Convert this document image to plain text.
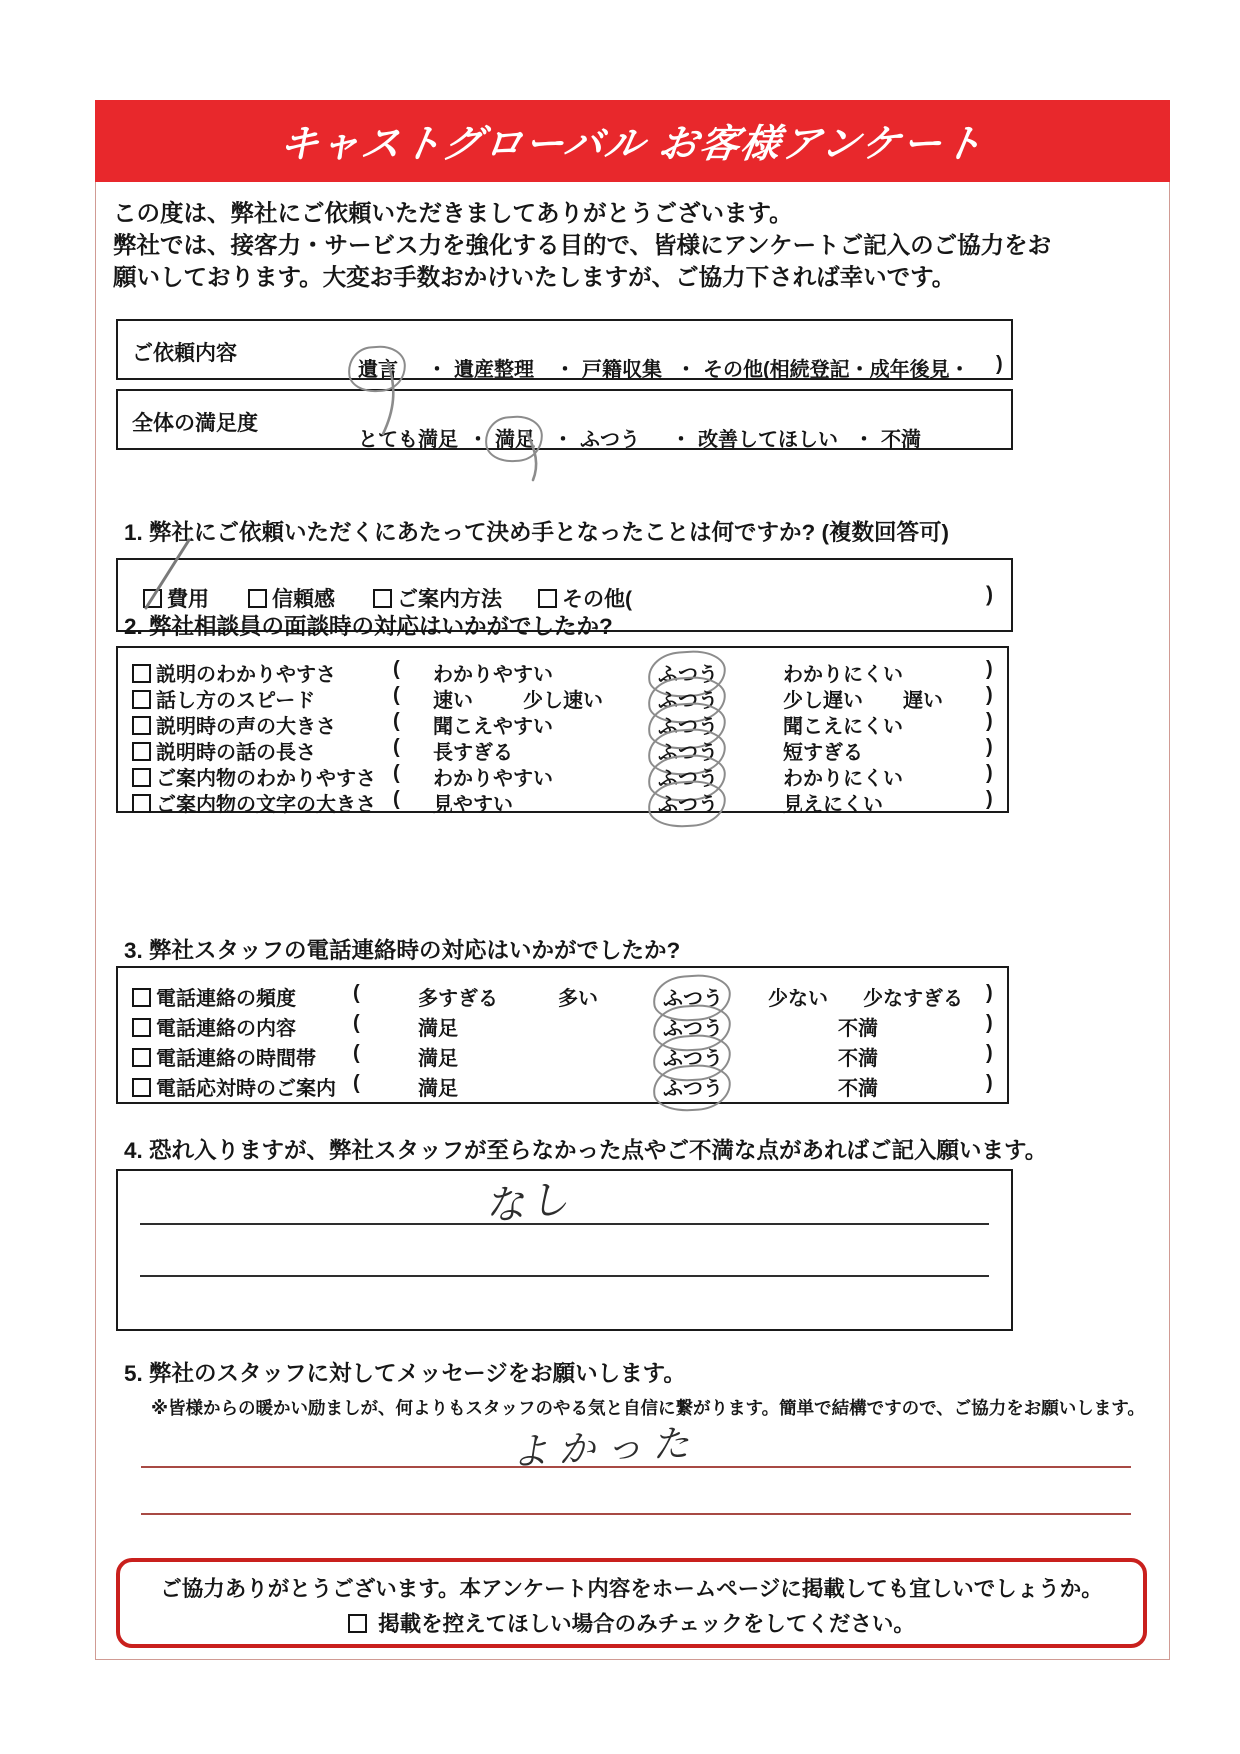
キャストグローバル お客様アンケート
この度は、弊社にご依頼いただきましてありがとうございます。
弊社では、接客力・サービス力を強化する目的で、皆様にアンケートご記入のご協力をお
願いしております。大変お手数おかけいたしますが、ご協力下されば幸いです。
ご依頼内容
遺言 ・ 遺産整理 ・ 戸籍収集 ・ その他(相続登記・成年後見・ )
全体の満足度
とても満足 ・ 満足 ・ ふつう ・ 改善してほしい ・ 不満
1. 弊社にご依頼いただくにあたって決め手となったことは何ですか? (複数回答可)
費用	信頼感	ご案内方法	その他(	)
2. 弊社相談員の面談時の対応はいかがでしたか?
説明のわかりやすさ	( わかりやすい	ふつう	わかりにくい	)
話し方のスピード	( 速い	少し速い	ふつう	少し遅い 遅い )
説明時の声の大きさ	( 聞こえやすい	ふつう	聞こえにくい	)
説明時の話の長さ	( 長すぎる	ふつう	短すぎる	)
ご案内物のわかりやすさ ( わかりやすい	ふつう	わかりにくい	)
ご案内物の文字の大きさ ( 見やすい	ふつう	見えにくい	)
3. 弊社スタッフの電話連絡時の対応はいかがでしたか?
電話連絡の頻度	(	多すぎる	多い	ふつう 少ない 少なすぎる )
電話連絡の内容	(	満足	ふつう	不満	)
電話連絡の時間帯 (	満足	ふつう	不満	)
電話応対時のご案内 (	満足	ふつう	不満	)
4. 恐れ入りますが、弊社スタッフが至らなかった点やご不満な点があればご記入願います。
なし
5. 弊社のスタッフに対してメッセージをお願いします。
※皆様からの暖かい励ましが、何よりもスタッフのやる気と自信に繋がります。簡単で結構ですので、ご協力をお願いします。
よかった
ご協力ありがとうございます。本アンケート内容をホームページに掲載しても宜しいでしょうか。
掲載を控えてほしい場合のみチェックをしてください。
